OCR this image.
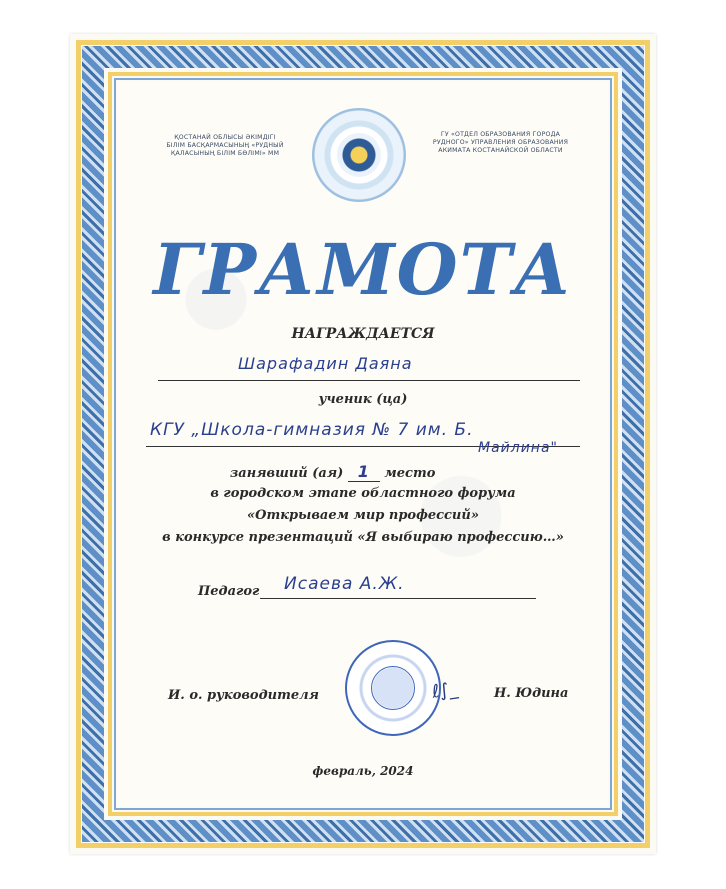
ҚОСТАНАЙ ОБЛЫСЫ ӘКІМДІГІ
БІЛІМ БАСҚАРМАСЫНЫҢ «РУДНЫЙ
ҚАЛАСЫНЫҢ БІЛІМ БӨЛІМІ» ММ
ГУ «ОТДЕЛ ОБРАЗОВАНИЯ ГОРОДА
РУДНОГО» УПРАВЛЕНИЯ ОБРАЗОВАНИЯ
АКИМАТА КОСТАНАЙСКОЙ ОБЛАСТИ
ГРАМОТА
НАГРАЖДАЕТСЯ
Шарафадин Даяна
ученик (ца)
КГУ „Школа-гимназия № 7 им. Б.
Майлина"
занявший (ая) 1 место
в городском этапе областного форума
«Открываем мир профессий»
в конкурсе презентаций «Я выбираю профессию…»
Педагог Исаева А.Ж.
ℓ∫_
И. о. руководителя	Н. Юдина
февраль, 2024
